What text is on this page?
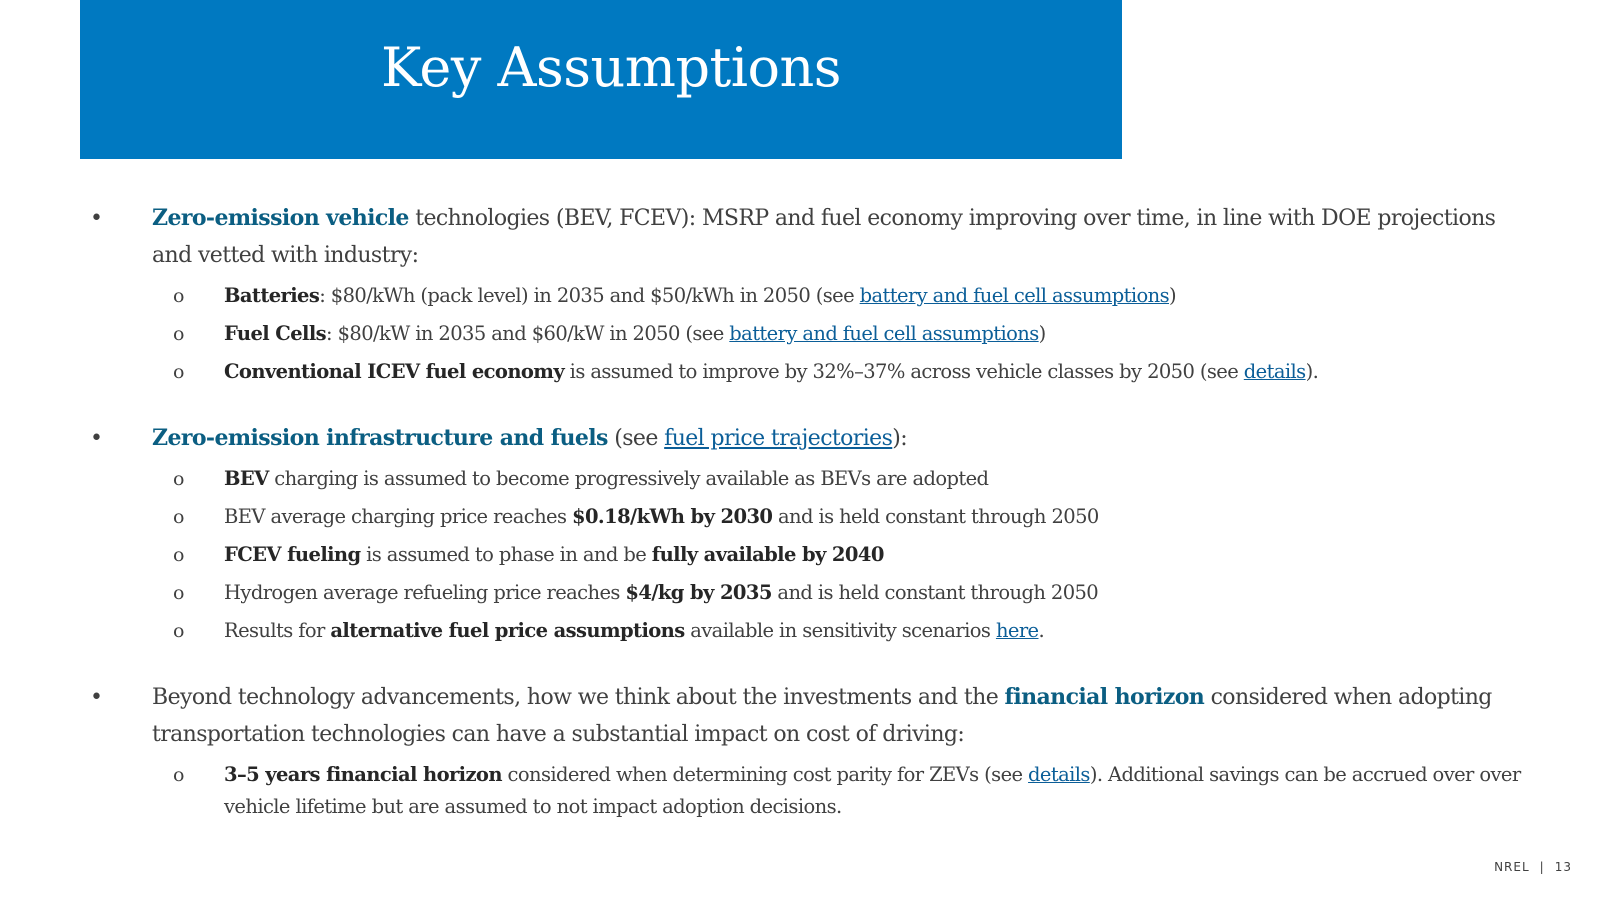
Key Assumptions
• Zero-emission vehicle technologies (BEV, FCEV): MSRP and fuel economy improving over time, in line with DOE projections and vetted with industry:
o Batteries: $80/kWh (pack level) in 2035 and $50/kWh in 2050 (see battery and fuel cell assumptions)
o Fuel Cells: $80/kW in 2035 and $60/kW in 2050 (see battery and fuel cell assumptions)
o Conventional ICEV fuel economy is assumed to improve by 32%–37% across vehicle classes by 2050 (see details).
• Zero-emission infrastructure and fuels (see fuel price trajectories):
o BEV charging is assumed to become progressively available as BEVs are adopted
o BEV average charging price reaches $0.18/kWh by 2030 and is held constant through 2050
o FCEV fueling is assumed to phase in and be fully available by 2040
o Hydrogen average refueling price reaches $4/kg by 2035 and is held constant through 2050
o Results for alternative fuel price assumptions available in sensitivity scenarios here.
• Beyond technology advancements, how we think about the investments and the financial horizon considered when adopting transportation technologies can have a substantial impact on cost of driving:
o 3–5 years financial horizon considered when determining cost parity for ZEVs (see details). Additional savings can be accrued over over vehicle lifetime but are assumed to not impact adoption decisions.
NREL | 13
